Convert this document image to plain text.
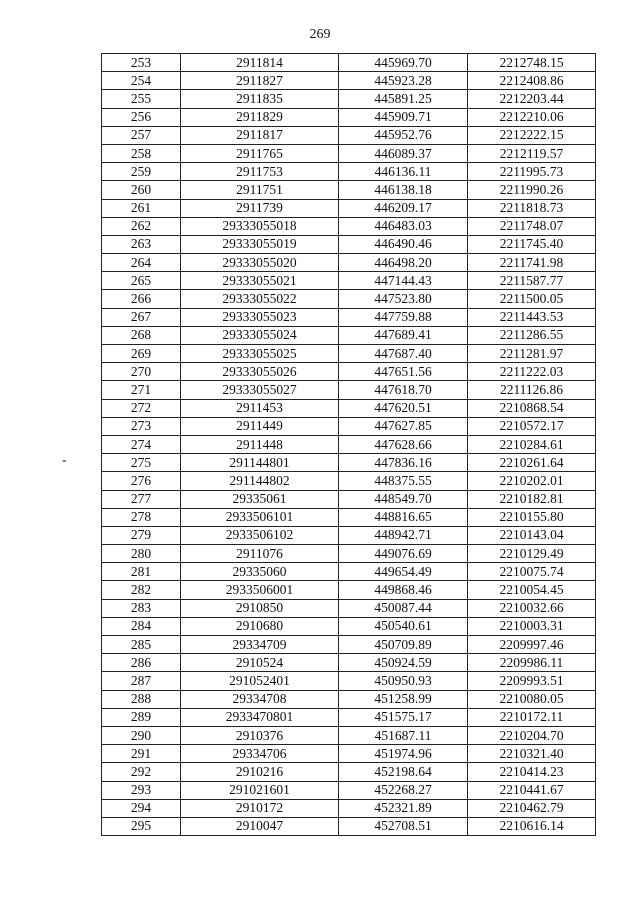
269
-
253	2911814	445969.70	2212748.15
254	2911827	445923.28	2212408.86
255	2911835	445891.25	2212203.44
256	2911829	445909.71	2212210.06
257	2911817	445952.76	2212222.15
258	2911765	446089.37	2212119.57
259	2911753	446136.11	2211995.73
260	2911751	446138.18	2211990.26
261	2911739	446209.17	2211818.73
262	29333055018	446483.03	2211748.07
263	29333055019	446490.46	2211745.40
264	29333055020	446498.20	2211741.98
265	29333055021	447144.43	2211587.77
266	29333055022	447523.80	2211500.05
267	29333055023	447759.88	2211443.53
268	29333055024	447689.41	2211286.55
269	29333055025	447687.40	2211281.97
270	29333055026	447651.56	2211222.03
271	29333055027	447618.70	2211126.86
272	2911453	447620.51	2210868.54
273	2911449	447627.85	2210572.17
274	2911448	447628.66	2210284.61
275	291144801	447836.16	2210261.64
276	291144802	448375.55	2210202.01
277	29335061	448549.70	2210182.81
278	2933506101	448816.65	2210155.80
279	2933506102	448942.71	2210143.04
280	2911076	449076.69	2210129.49
281	29335060	449654.49	2210075.74
282	2933506001	449868.46	2210054.45
283	2910850	450087.44	2210032.66
284	2910680	450540.61	2210003.31
285	29334709	450709.89	2209997.46
286	2910524	450924.59	2209986.11
287	291052401	450950.93	2209993.51
288	29334708	451258.99	2210080.05
289	2933470801	451575.17	2210172.11
290	2910376	451687.11	2210204.70
291	29334706	451974.96	2210321.40
292	2910216	452198.64	2210414.23
293	291021601	452268.27	2210441.67
294	2910172	452321.89	2210462.79
295	2910047	452708.51	2210616.14
